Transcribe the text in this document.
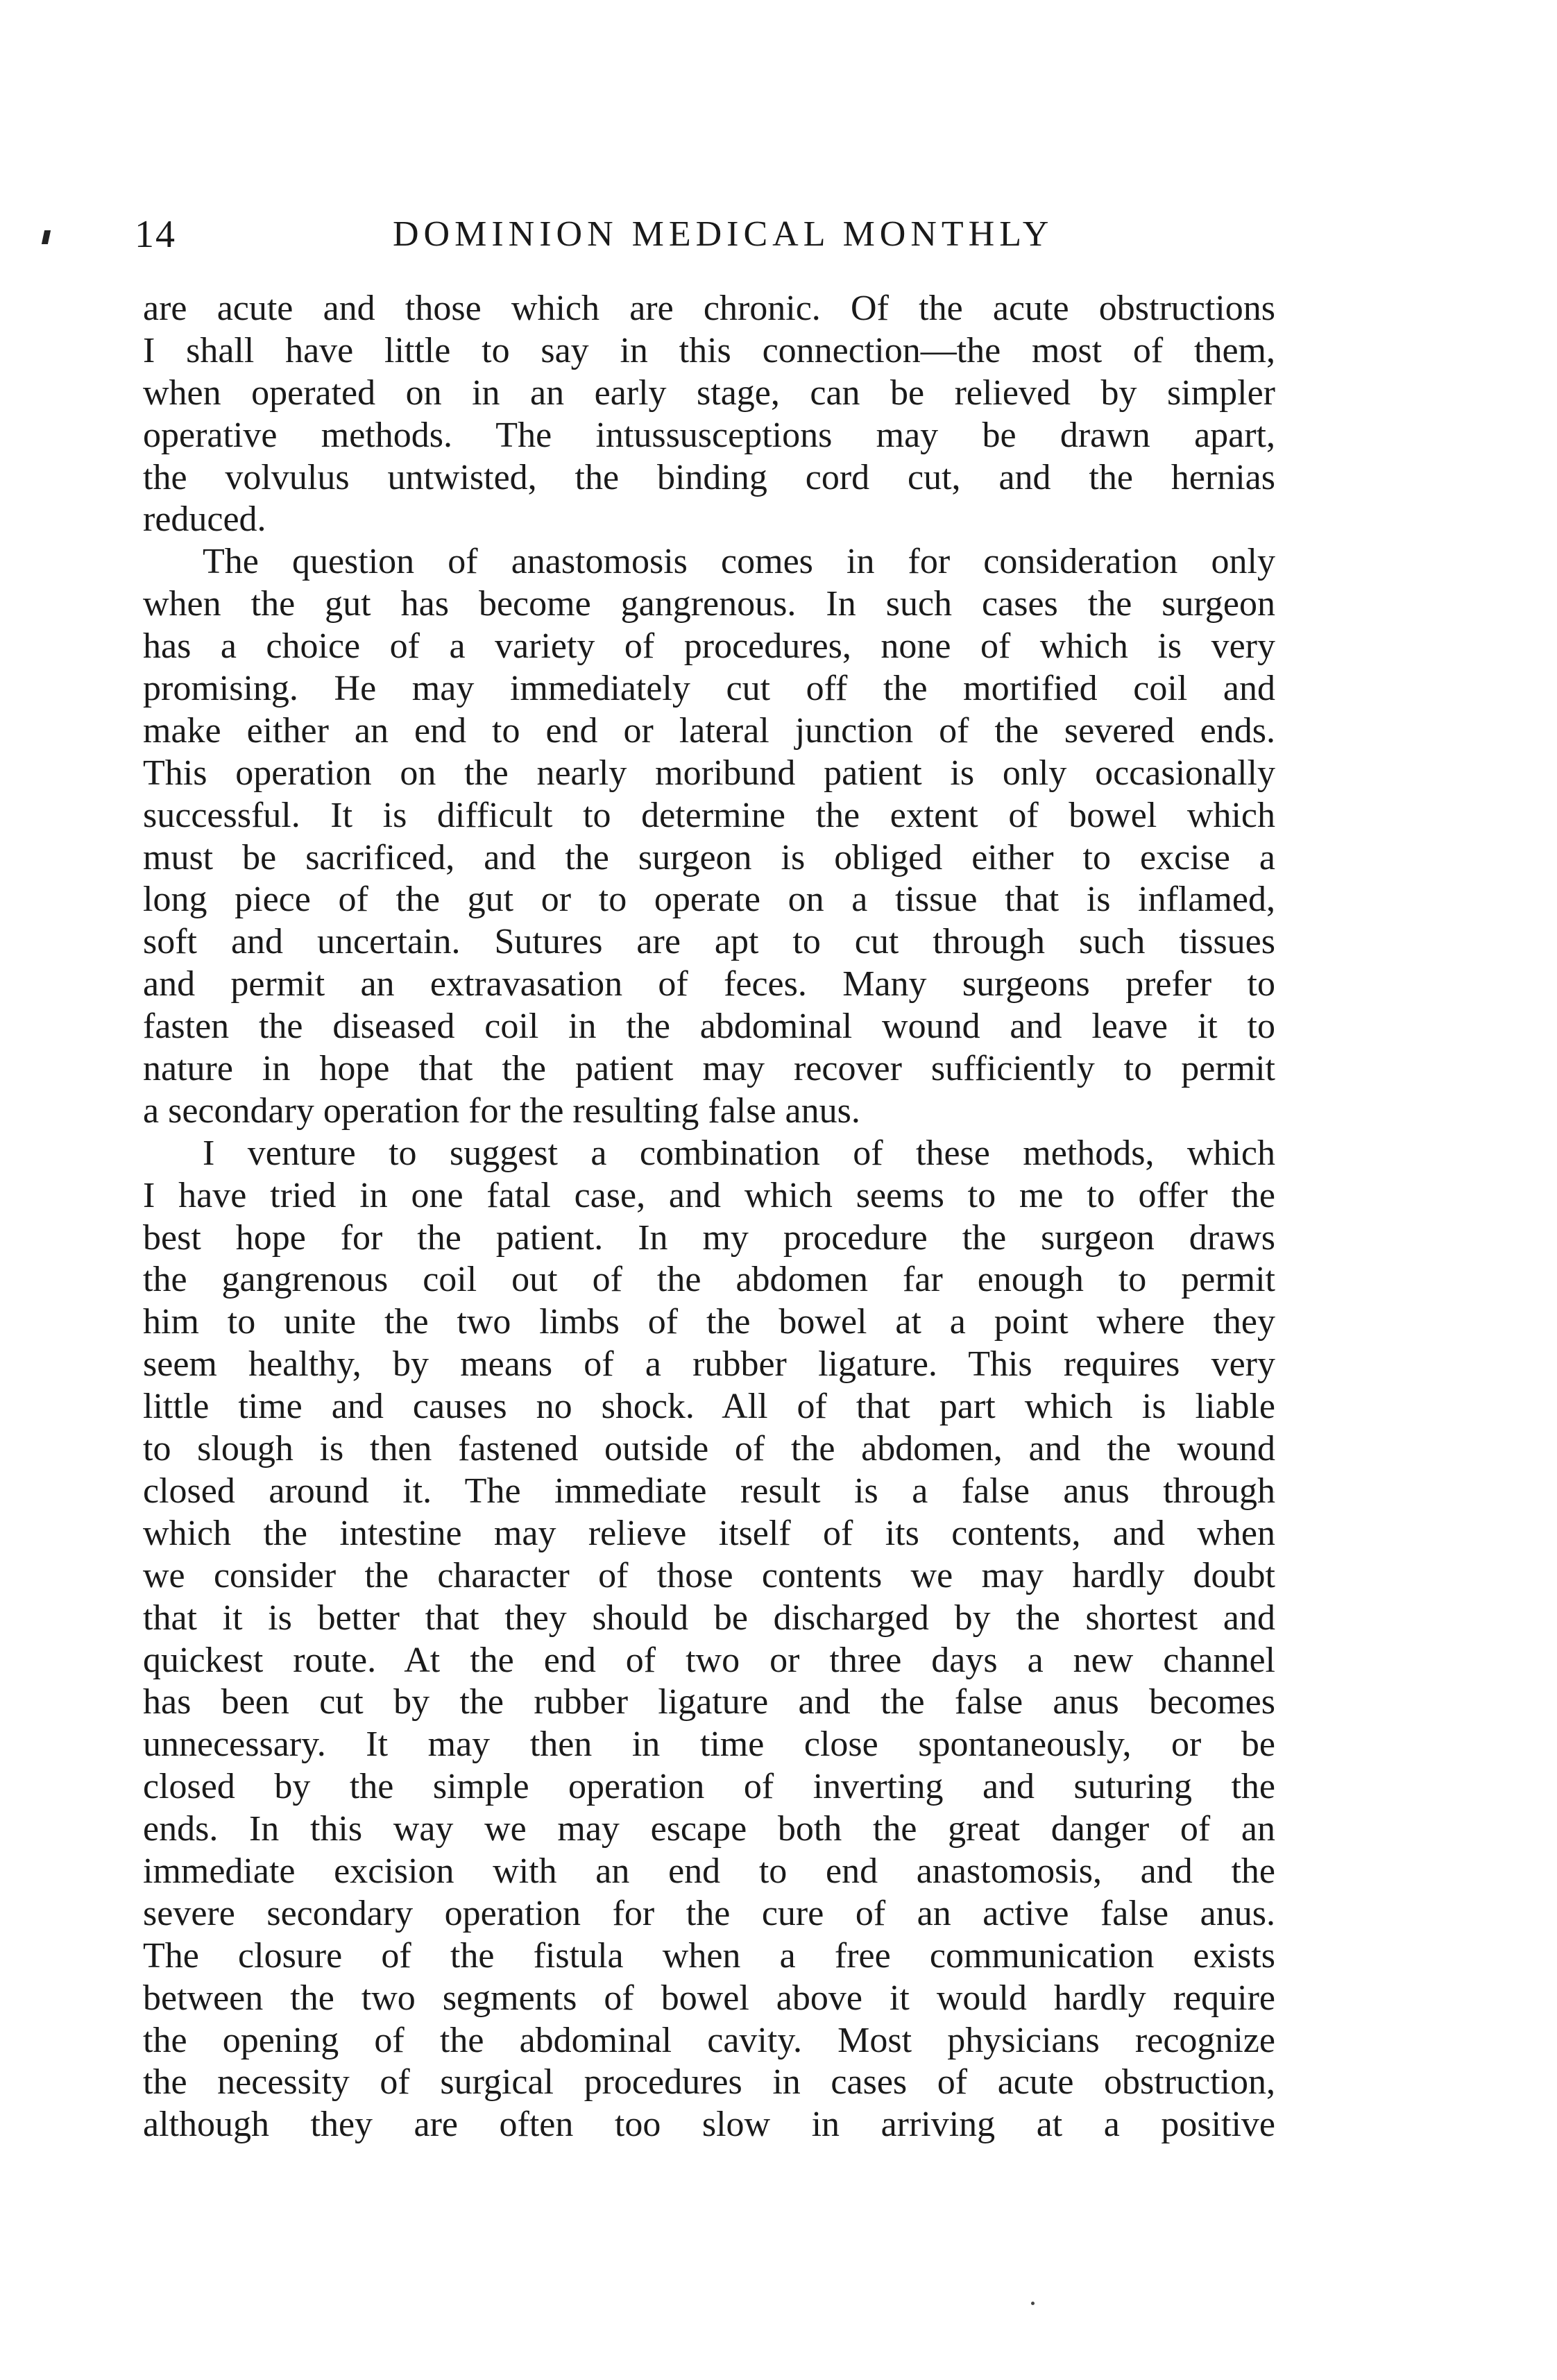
14	DOMINION MEDICAL MONTHLY
are acute and those which are chronic. Of the acute obstructions
I shall have little to say in this connection—the most of them,
when operated on in an early stage, can be relieved by simpler
operative methods. The intussusceptions may be drawn apart,
the volvulus untwisted, the binding cord cut, and the hernias
reduced.
The question of anastomosis comes in for consideration only
when the gut has become gangrenous. In such cases the surgeon
has a choice of a variety of procedures, none of which is very
promising. He may immediately cut off the mortified coil and
make either an end to end or lateral junction of the severed ends.
This operation on the nearly moribund patient is only occasionally
successful. It is difficult to determine the extent of bowel which
must be sacrificed, and the surgeon is obliged either to excise a
long piece of the gut or to operate on a tissue that is inflamed,
soft and uncertain. Sutures are apt to cut through such tissues
and permit an extravasation of feces. Many surgeons prefer to
fasten the diseased coil in the abdominal wound and leave it to
nature in hope that the patient may recover sufficiently to permit
a secondary operation for the resulting false anus.
I venture to suggest a combination of these methods, which
I have tried in one fatal case, and which seems to me to offer the
best hope for the patient. In my procedure the surgeon draws
the gangrenous coil out of the abdomen far enough to permit
him to unite the two limbs of the bowel at a point where they
seem healthy, by means of a rubber ligature. This requires very
little time and causes no shock. All of that part which is liable
to slough is then fastened outside of the abdomen, and the wound
closed around it. The immediate result is a false anus through
which the intestine may relieve itself of its contents, and when
we consider the character of those contents we may hardly doubt
that it is better that they should be discharged by the shortest and
quickest route. At the end of two or three days a new channel
has been cut by the rubber ligature and the false anus becomes
unnecessary. It may then in time close spontaneously, or be
closed by the simple operation of inverting and suturing the
ends. In this way we may escape both the great danger of an
immediate excision with an end to end anastomosis, and the
severe secondary operation for the cure of an active false anus.
The closure of the fistula when a free communication exists
between the two segments of bowel above it would hardly require
the opening of the abdominal cavity. Most physicians recognize
the necessity of surgical procedures in cases of acute obstruction,
although they are often too slow in arriving at a positive
